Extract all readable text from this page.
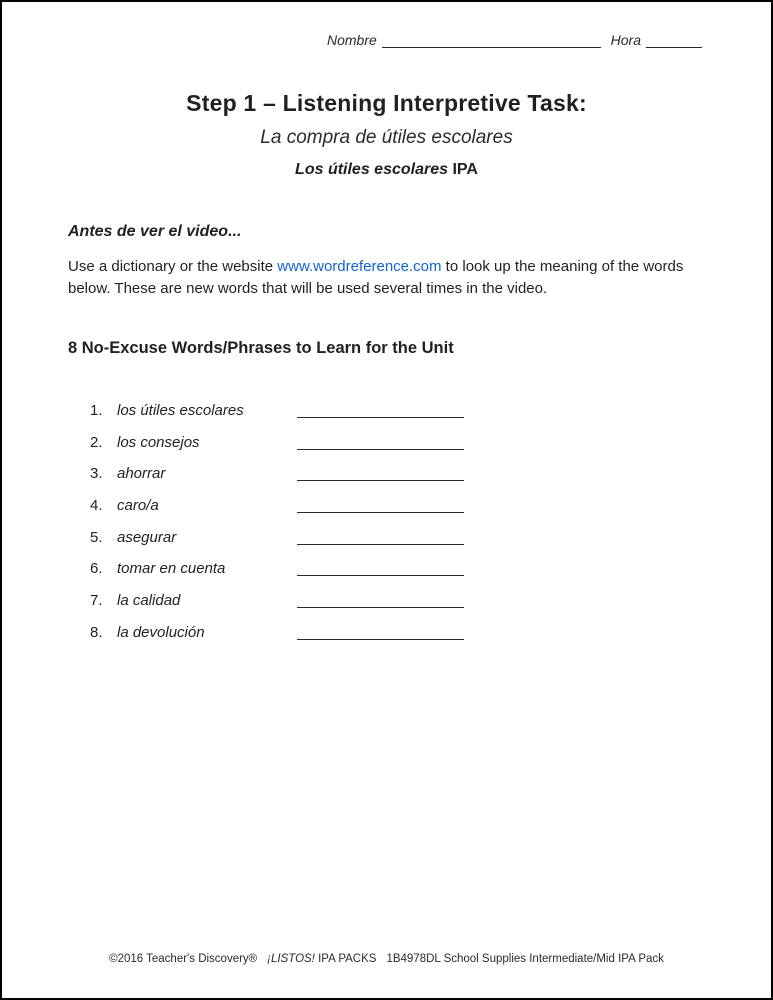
Nombre	Hora
Step 1 – Listening Interpretive Task:
La compra de útiles escolares
Los útiles escolares IPA
Antes de ver el video...

Use a dictionary or the website www.wordreference.com to look up the meaning of the words below. These are new words that will be used several times in the video.

8 No-Excuse Words/Phrases to Learn for the Unit
1. los útiles escolares
2. los consejos
3. ahorrar
4. caro/a
5. asegurar
6. tomar en cuenta
7. la calidad
8. la devolución
©2016 Teacher's Discovery® ¡LISTOS! IPA PACKS 1B4978DL School Supplies Intermediate/Mid IPA Pack
